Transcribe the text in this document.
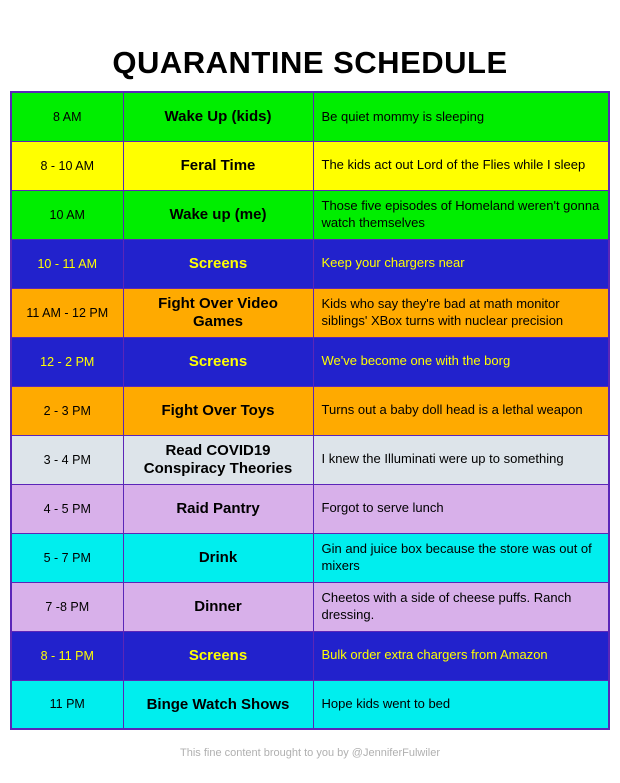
QUARANTINE SCHEDULE
8 AM	Wake Up (kids)	Be quiet mommy is sleeping
8 - 10 AM	Feral Time	The kids act out Lord of the Flies while I sleep
10 AM	Wake up (me)	Those five episodes of Homeland weren't gonna watch themselves
10 - 11 AM	Screens	Keep your chargers near
11 AM - 12 PM	Fight Over Video Games	Kids who say they're bad at math monitor siblings' XBox turns with nuclear precision
12 - 2 PM	Screens	We've become one with the borg
2 - 3 PM	Fight Over Toys	Turns out a baby doll head is a lethal weapon
3 - 4 PM	Read COVID19 Conspiracy Theories	I knew the Illuminati were up to something
4 - 5 PM	Raid Pantry	Forgot to serve lunch
5 - 7 PM	Drink	Gin and juice box because the store was out of mixers
7 -8 PM	Dinner	Cheetos with a side of cheese puffs. Ranch dressing.
8 - 11 PM	Screens	Bulk order extra chargers from Amazon
11 PM	Binge Watch Shows	Hope kids went to bed
This fine content brought to you by @JenniferFulwiler
